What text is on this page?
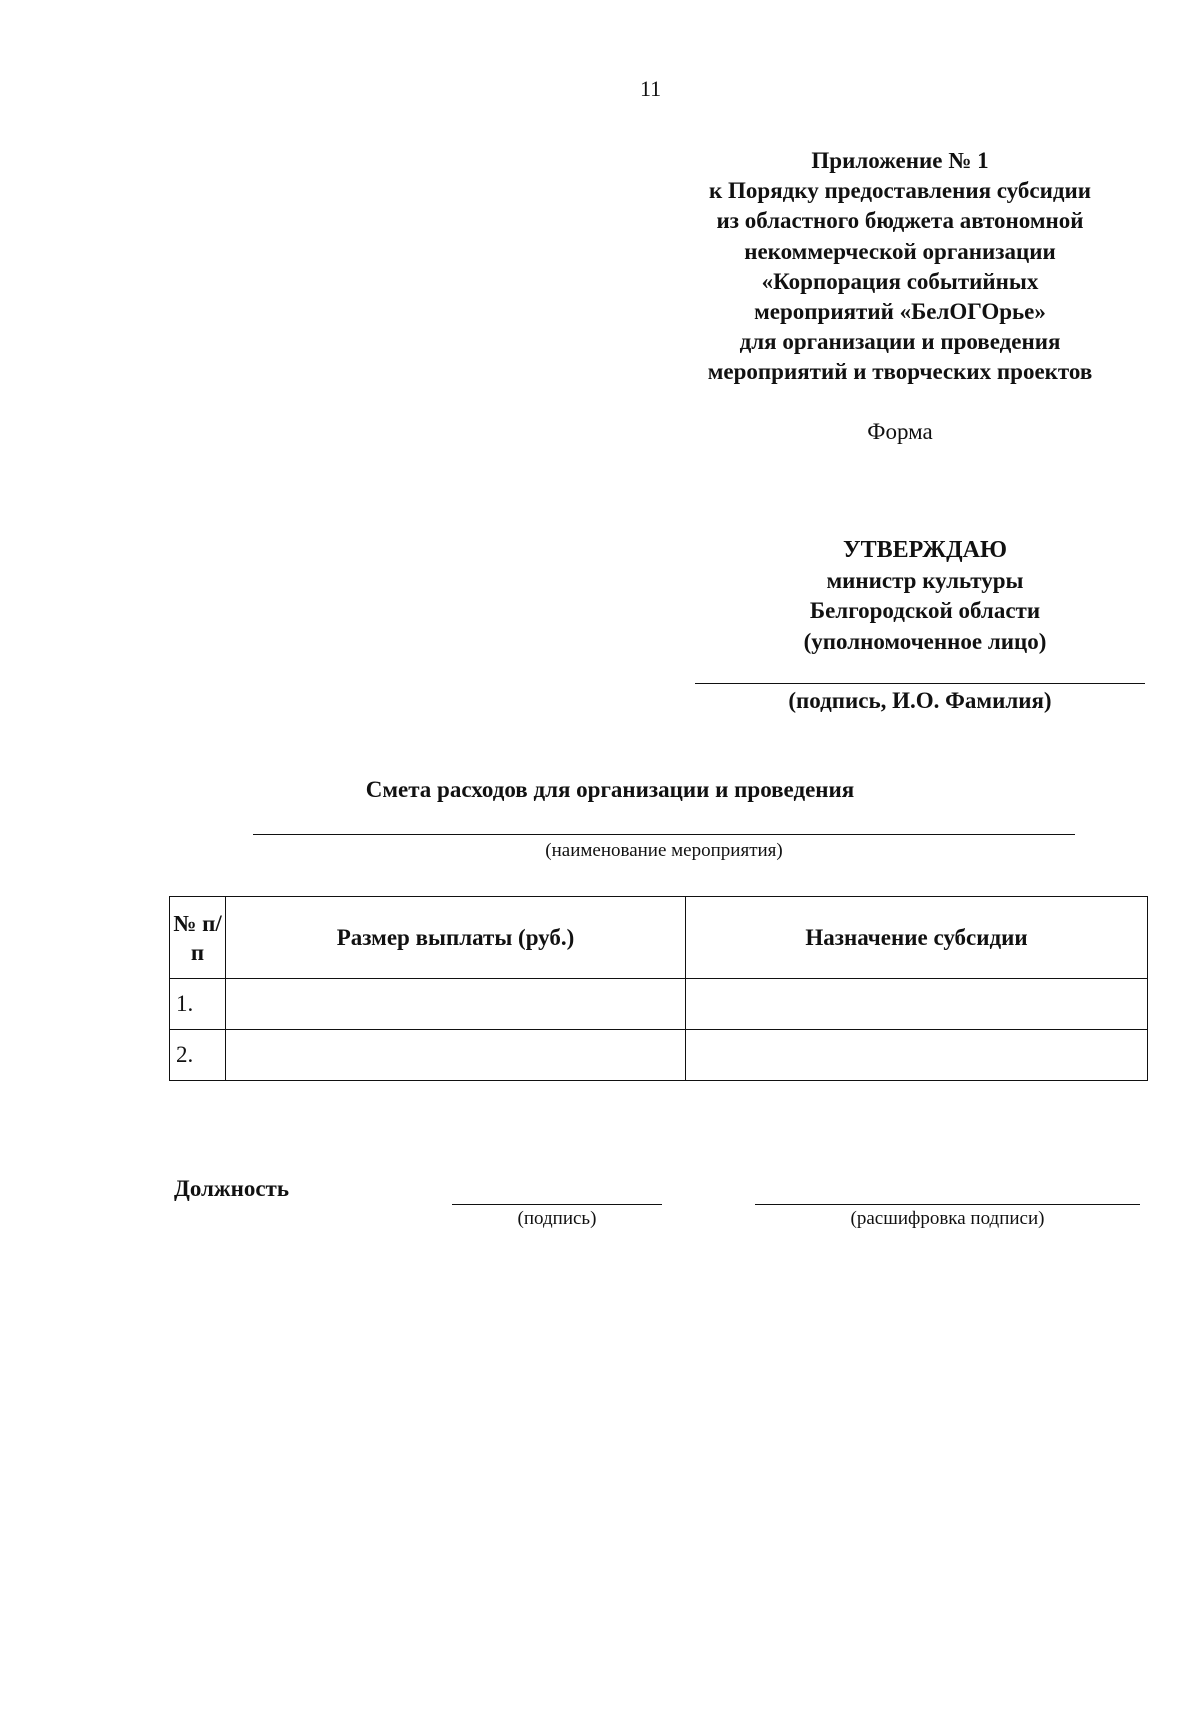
11
Приложение № 1
к Порядку предоставления субсидии
из областного бюджета автономной
некоммерческой организации
«Корпорация событийных
мероприятий «БелОГОрье»
для организации и проведения
мероприятий и творческих проектов
Форма
УТВЕРЖДАЮ
министр культуры
Белгородской области
(уполномоченное лицо)
(подпись, И.О. Фамилия)
Смета расходов для организации и проведения
(наименование мероприятия)
№ п/п	Размер выплаты (руб.)	Назначение субсидии
1.		
2.		
Должность
(подпись)	(расшифровка подписи)
